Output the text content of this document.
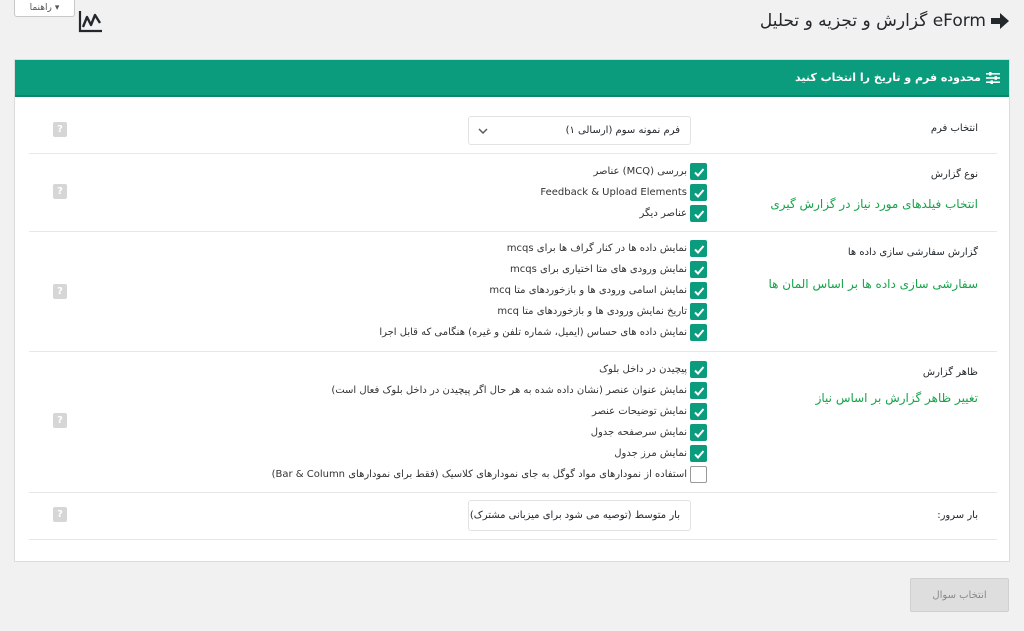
راهنما ▾
eForm گزارش و تجزیه و تحلیل
محدوده فرم و تاریخ را انتخاب کنید
انتخاب فرم
فرم نمونه سوم (ارسالی ۱)
?
نوع گزارش
انتخاب فیلدهای مورد نیاز در گزارش گیری
بررسی (MCQ) عناصر
Feedback & Upload Elements
عناصر دیگر
?
گزارش سفارشی سازی داده ها
سفارشی سازی داده ها بر اساس المان ها
نمایش داده ها در کنار گراف ها برای mcqs
نمایش ورودی های متا اختیاری برای mcqs
نمایش اسامی ورودی ها و بازخوردهای متا mcq
تاریخ نمایش ورودی ها و بازخوردهای متا mcq
نمایش داده های حساس (ایمیل، شماره تلفن و غیره) هنگامی که قابل اجرا
?
ظاهر گزارش
تغییر ظاهر گزارش بر اساس نیاز
پیچیدن در داخل بلوک
نمایش عنوان عنصر (نشان داده شده به هر حال اگر پیچیدن در داخل بلوک فعال است)
نمایش توضیحات عنصر
نمایش سرصفحه جدول
نمایش مرز جدول
استفاده از نمودارهای مواد گوگل به جای نمودارهای کلاسیک (فقط برای نمودارهای Bar & Column)
?
بار سرور:
بار متوسط (توصیه می شود برای میزبانی مشترک)
?
انتخاب سوال
